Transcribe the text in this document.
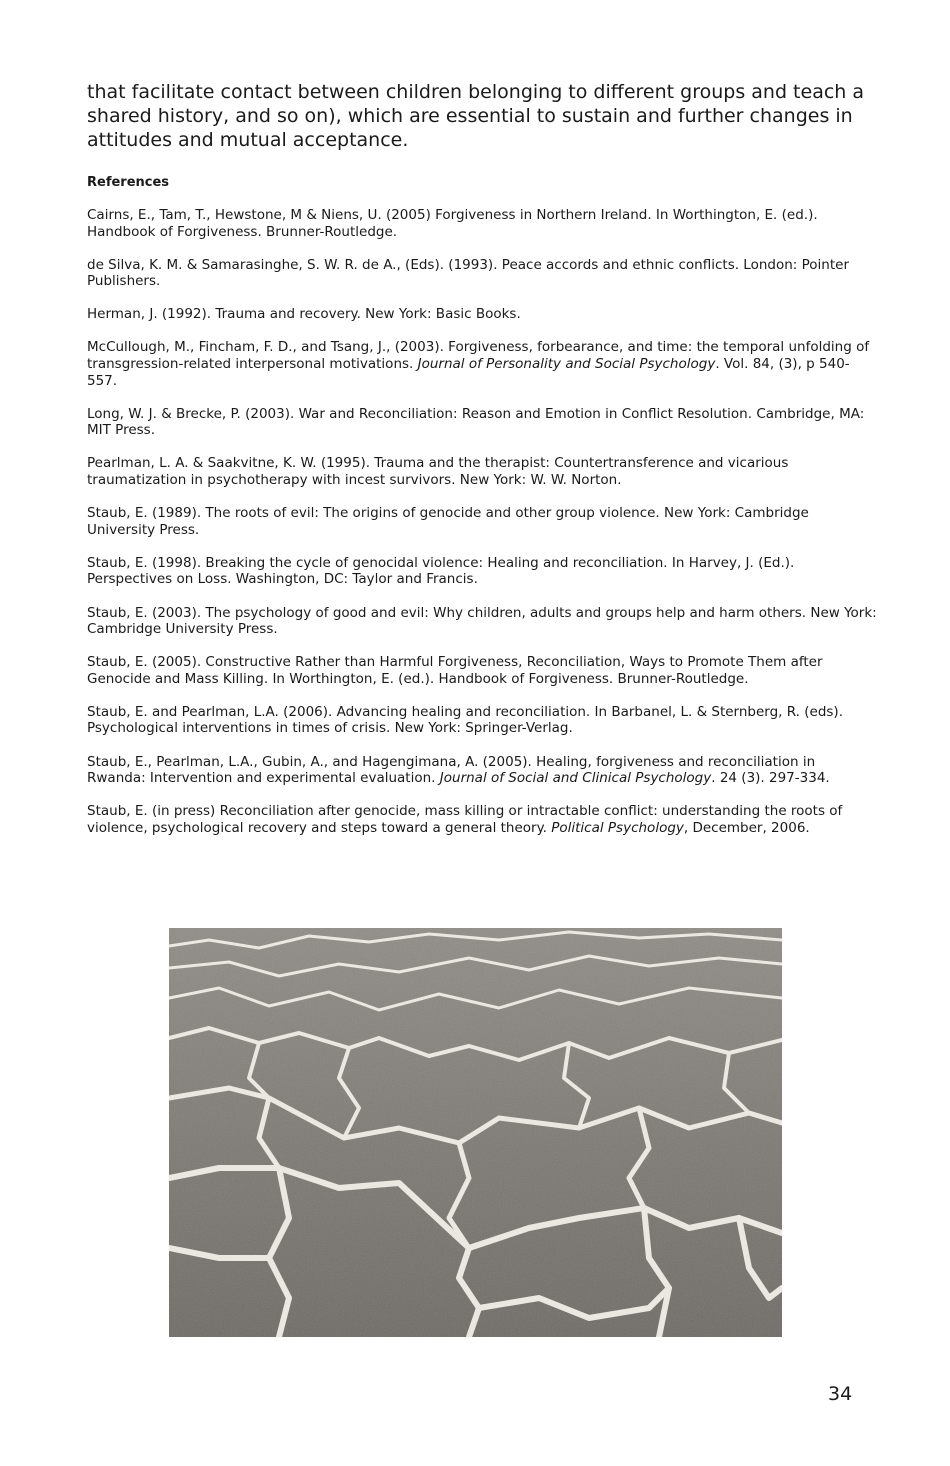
that facilitate contact between children belonging to different groups and teach a shared history, and so on), which are essential to sustain and further changes in attitudes and mutual acceptance.

References

Cairns, E., Tam, T., Hewstone, M & Niens, U. (2005) Forgiveness in Northern Ireland. In Worthington, E. (ed.). Handbook of Forgiveness. Brunner-Routledge.

de Silva, K. M. & Samarasinghe, S. W. R. de A., (Eds). (1993). Peace accords and ethnic conflicts. London: Pointer Publishers.

Herman, J. (1992). Trauma and recovery. New York: Basic Books.

McCullough, M., Fincham, F. D., and Tsang, J., (2003). Forgiveness, forbearance, and time: the temporal unfolding of transgression-related interpersonal motivations. Journal of Personality and Social Psychology. Vol. 84, (3), p 540-557.

Long, W. J. & Brecke, P. (2003). War and Reconciliation: Reason and Emotion in Conflict Resolution. Cambridge, MA: MIT Press.

Pearlman, L. A. & Saakvitne, K. W. (1995). Trauma and the therapist: Countertransference and vicarious traumatization in psychotherapy with incest survivors. New York: W. W. Norton.

Staub, E. (1989). The roots of evil: The origins of genocide and other group violence. New York: Cambridge University Press.

Staub, E. (1998). Breaking the cycle of genocidal violence: Healing and reconciliation. In Harvey, J. (Ed.). Perspectives on Loss. Washington, DC: Taylor and Francis.

Staub, E. (2003). The psychology of good and evil: Why children, adults and groups help and harm others. New York: Cambridge University Press.

Staub, E. (2005). Constructive Rather than Harmful Forgiveness, Reconciliation, Ways to Promote Them after Genocide and Mass Killing. In Worthington, E. (ed.). Handbook of Forgiveness. Brunner-Routledge.

Staub, E. and Pearlman, L.A. (2006). Advancing healing and reconciliation. In Barbanel, L. & Sternberg, R. (eds). Psychological interventions in times of crisis. New York: Springer-Verlag.

Staub, E., Pearlman, L.A., Gubin, A., and Hagengimana, A. (2005). Healing, forgiveness and reconciliation in Rwanda: Intervention and experimental evaluation. Journal of Social and Clinical Psychology. 24 (3). 297-334.

Staub, E. (in press) Reconciliation after genocide, mass killing or intractable conflict: understanding the roots of violence, psychological recovery and steps toward a general theory. Political Psychology, December, 2006.

34
